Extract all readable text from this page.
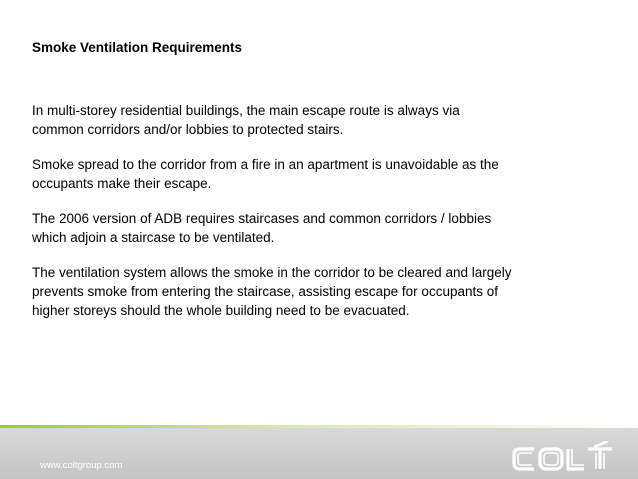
Smoke Ventilation Requirements

In multi-storey residential buildings, the main escape route is always via
common corridors and/or lobbies to protected stairs.

Smoke spread to the corridor from a fire in an apartment is unavoidable as the
occupants make their escape.

The 2006 version of ADB requires staircases and common corridors / lobbies
which adjoin a staircase to be ventilated.

The ventilation system allows the smoke in the corridor to be cleared and largely
prevents smoke from entering the staircase, assisting escape for occupants of
higher storeys should the whole building need to be evacuated.

www.coltgroup.com
